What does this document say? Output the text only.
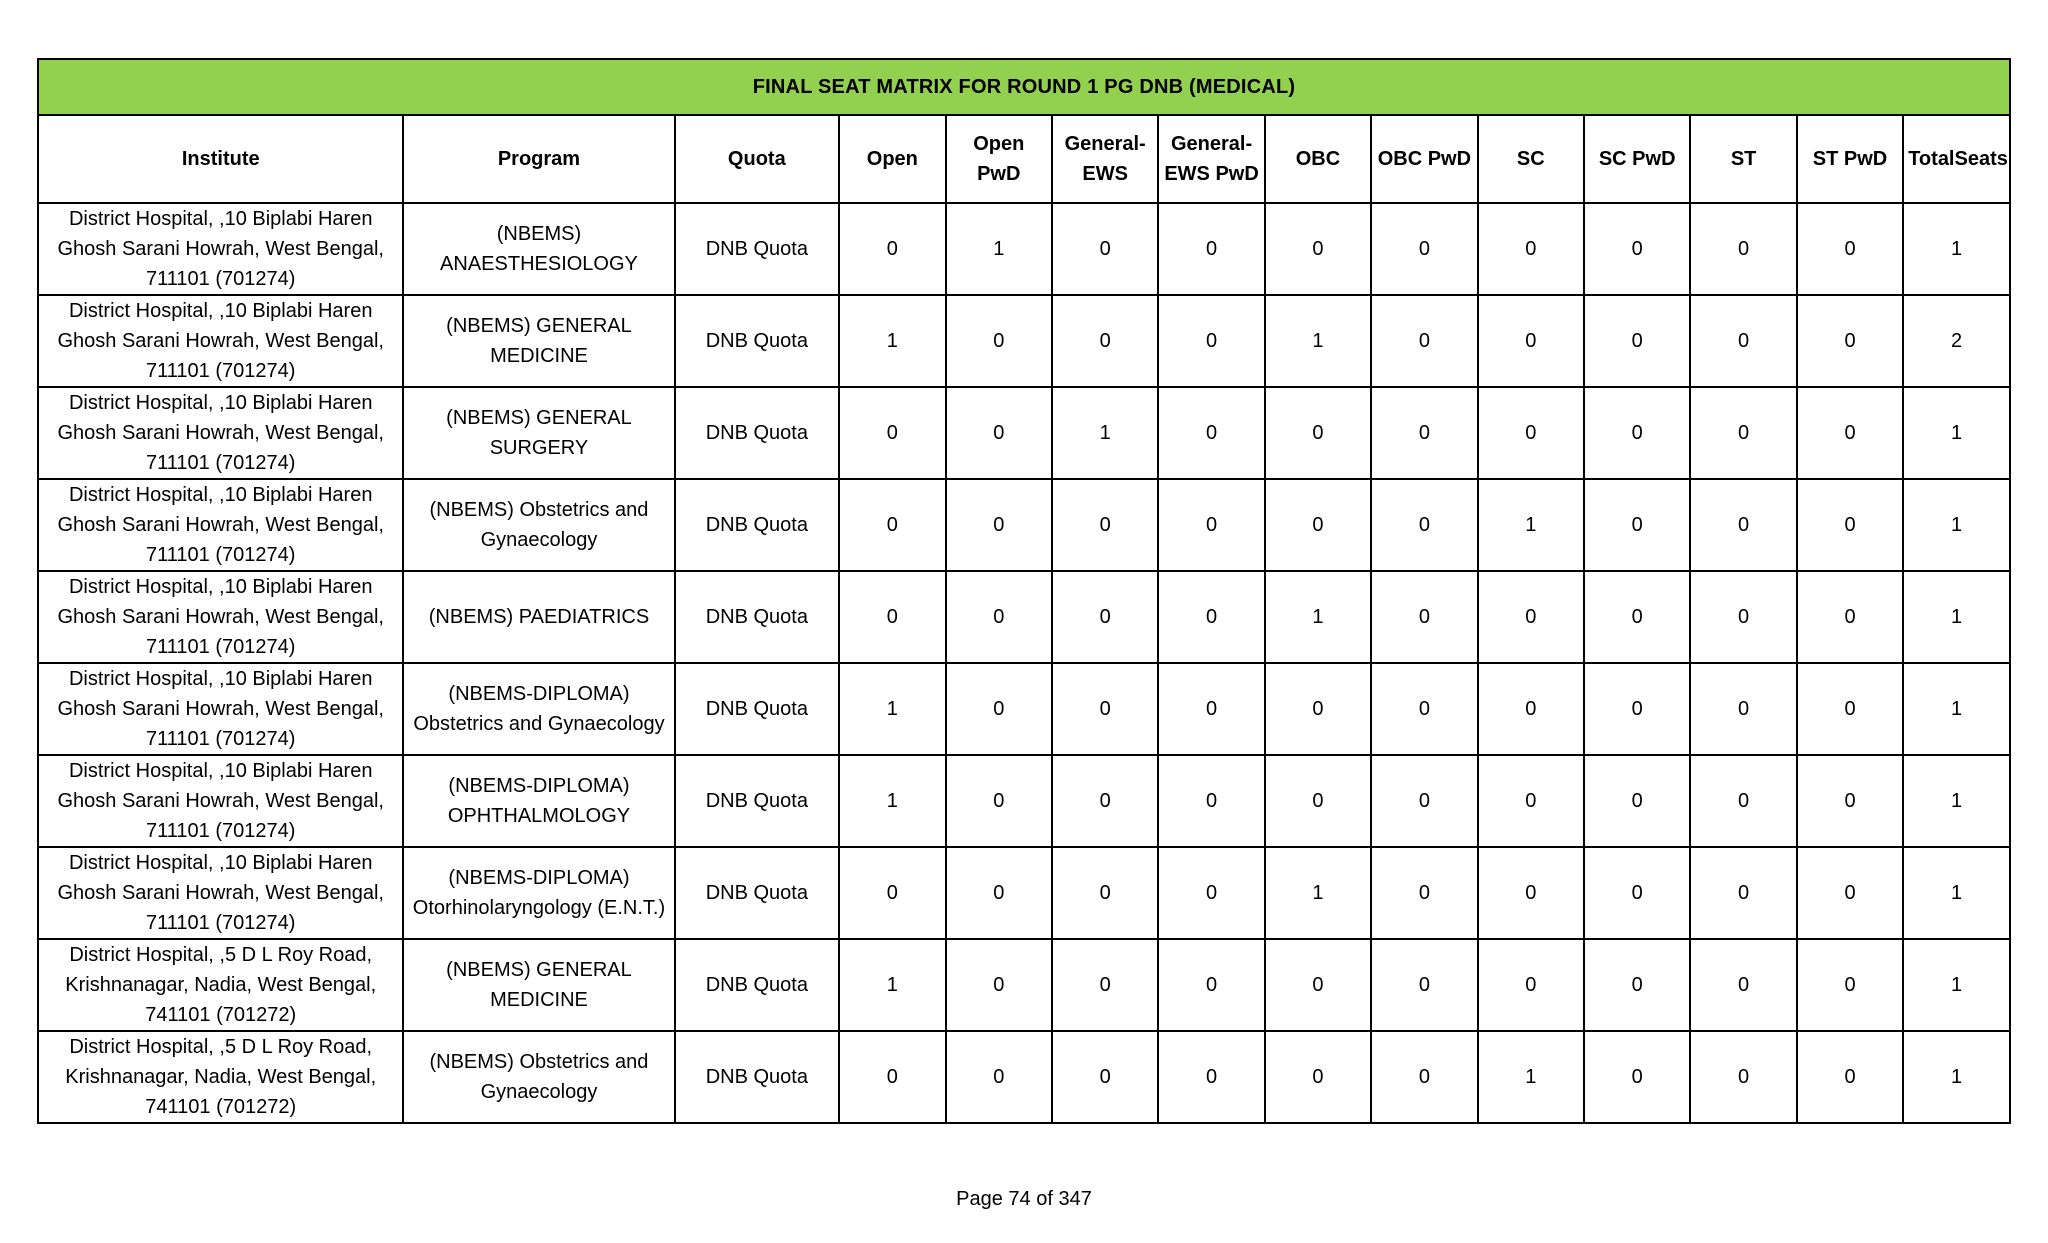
FINAL SEAT MATRIX FOR ROUND 1 PG DNB (MEDICAL)													
Institute	Program	Quota	Open	Open PwD	General-EWS	General-EWS PwD	OBC	OBC PwD	SC	SC PwD	ST	ST PwD	TotalSeats
District Hospital, ,10 Biplabi Haren Ghosh Sarani Howrah, West Bengal, 711101 (701274)	(NBEMS) ANAESTHESIOLOGY	DNB Quota	0	1	0	0	0	0	0	0	0	0	1
District Hospital, ,10 Biplabi Haren Ghosh Sarani Howrah, West Bengal, 711101 (701274)	(NBEMS) GENERAL MEDICINE	DNB Quota	1	0	0	0	1	0	0	0	0	0	2
District Hospital, ,10 Biplabi Haren Ghosh Sarani Howrah, West Bengal, 711101 (701274)	(NBEMS) GENERAL SURGERY	DNB Quota	0	0	1	0	0	0	0	0	0	0	1
District Hospital, ,10 Biplabi Haren Ghosh Sarani Howrah, West Bengal, 711101 (701274)	(NBEMS) Obstetrics and Gynaecology	DNB Quota	0	0	0	0	0	0	1	0	0	0	1
District Hospital, ,10 Biplabi Haren Ghosh Sarani Howrah, West Bengal, 711101 (701274)	(NBEMS) PAEDIATRICS	DNB Quota	0	0	0	0	1	0	0	0	0	0	1
District Hospital, ,10 Biplabi Haren Ghosh Sarani Howrah, West Bengal, 711101 (701274)	(NBEMS-DIPLOMA) Obstetrics and Gynaecology	DNB Quota	1	0	0	0	0	0	0	0	0	0	1
District Hospital, ,10 Biplabi Haren Ghosh Sarani Howrah, West Bengal, 711101 (701274)	(NBEMS-DIPLOMA) OPHTHALMOLOGY	DNB Quota	1	0	0	0	0	0	0	0	0	0	1
District Hospital, ,10 Biplabi Haren Ghosh Sarani Howrah, West Bengal, 711101 (701274)	(NBEMS-DIPLOMA) Otorhinolaryngology (E.N.T.)	DNB Quota	0	0	0	0	1	0	0	0	0	0	1
District Hospital, ,5 D L Roy Road, Krishnanagar, Nadia, West Bengal, 741101 (701272)	(NBEMS) GENERAL MEDICINE	DNB Quota	1	0	0	0	0	0	0	0	0	0	1
District Hospital, ,5 D L Roy Road, Krishnanagar, Nadia, West Bengal, 741101 (701272)	(NBEMS) Obstetrics and Gynaecology	DNB Quota	0	0	0	0	0	0	1	0	0	0	1
Page 74 of 347
